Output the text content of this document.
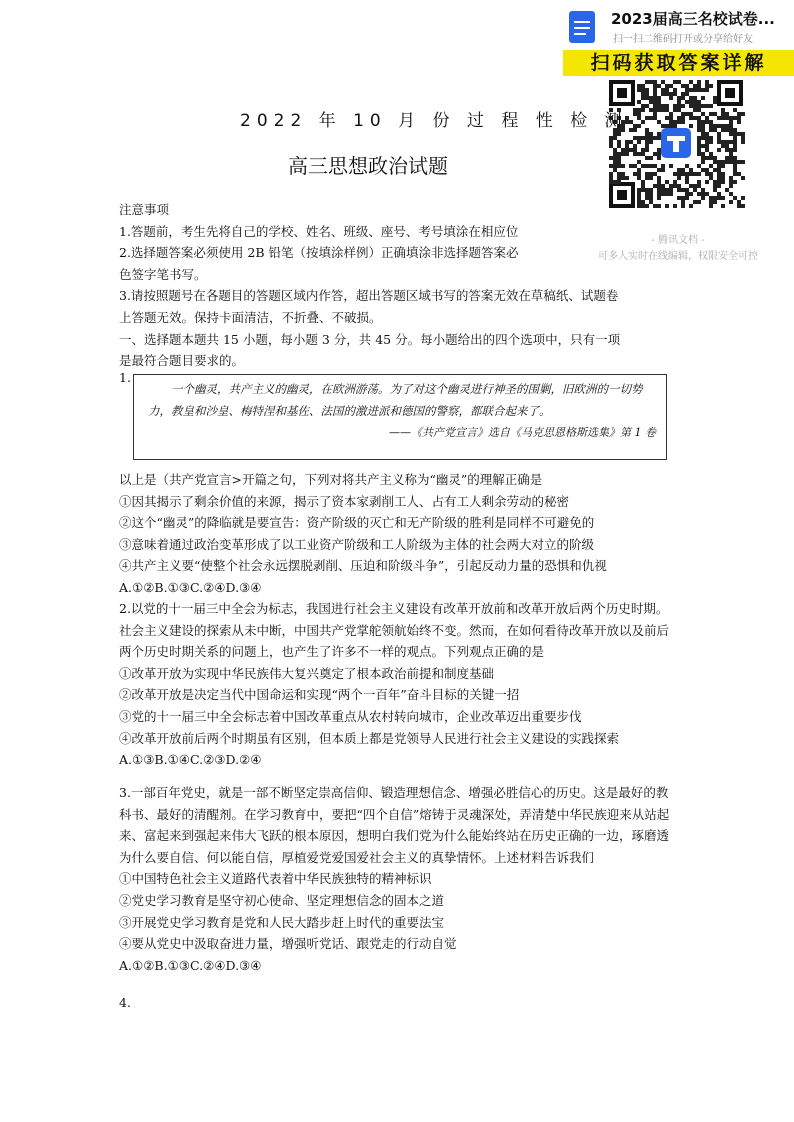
2023届高三名校试卷...
扫一扫二维码打开或分享给好友
扫码获取答案详解
- 腾讯文档 -
可多人实时在线编辑，权限安全可控
2022 年 10 月 份 过 程 性 检 测
高三思想政治试题
注意事项
1.答题前，考生先将自己的学校、姓名、班级、座号、考号填涂在相应位
2.选择题答案必须使用 2B 铅笔（按填涂样例）正确填涂非选择题答案必
色签字笔书写。
3.请按照题号在各题目的答题区域内作答，超出答题区域书写的答案无效在草稿纸、试题卷
上答题无效。保持卡面清洁，不折叠、不破损。
一、选择题本题共 15 小题，每小题 3 分，共 45 分。每小题给出的四个选项中，只有一项
是最符合题目要求的。
1.
一个幽灵，共产主义的幽灵，在欧洲游荡。为了对这个幽灵进行神圣的围剿，旧欧洲的一切势力，教皇和沙皇、梅特涅和基佐、法国的激进派和德国的警察，都联合起来了。
——《共产党宣言》选自《马克思恩格斯选集》第 1 卷
以上是（共产党宣言>开篇之句，下列对将共产主义称为“幽灵”的理解正确是
①因其揭示了剩余价值的来源，揭示了资本家剥削工人、占有工人剩余劳动的秘密
②这个“幽灵”的降临就是要宣告：资产阶级的灭亡和无产阶级的胜利是同样不可避免的
③意味着通过政治变革形成了以工业资产阶级和工人阶级为主体的社会两大对立的阶级
④共产主义要“使整个社会永远摆脱剥削、压迫和阶级斗争”，引起反动力量的恐惧和仇视
A.①②B.①③C.②④D.③④
2.以党的十一届三中全会为标志，我国进行社会主义建设有改革开放前和改革开放后两个历史时期。社会主义建设的探索从未中断，中国共产党掌舵领航始终不变。然而，在如何看待改革开放以及前后两个历史时期关系的问题上，也产生了许多不一样的观点。下列观点正确的是
①改革开放为实现中华民族伟大复兴奠定了根本政治前提和制度基础
②改革开放是决定当代中国命运和实现“两个一百年”奋斗目标的关键一招
③党的十一届三中全会标志着中国改革重点从农村转向城市，企业改革迈出重要步伐
④改革开放前后两个时期虽有区别，但本质上都是党领导人民进行社会主义建设的实践探索
A.①③B.①④C.②③D.②④
3.一部百年党史，就是一部不断坚定崇高信仰、锻造理想信念、增强必胜信心的历史。这是最好的教科书、最好的清醒剂。在学习教育中，要把“四个自信”熔铸于灵魂深处，弄清楚中华民族迎来从站起来、富起来到强起来伟大飞跃的根本原因，想明白我们党为什么能始终站在历史正确的一边，琢磨透为什么要自信、何以能自信，厚植爱党爱国爱社会主义的真挚情怀。上述材料告诉我们
①中国特色社会主义道路代表着中华民族独特的精神标识
②党史学习教育是坚守初心使命、坚定理想信念的固本之道
③开展党史学习教育是党和人民大踏步赶上时代的重要法宝
④要从党史中汲取奋进力量，增强听党话、跟党走的行动自觉
A.①②B.①③C.②④D.③④
4.
